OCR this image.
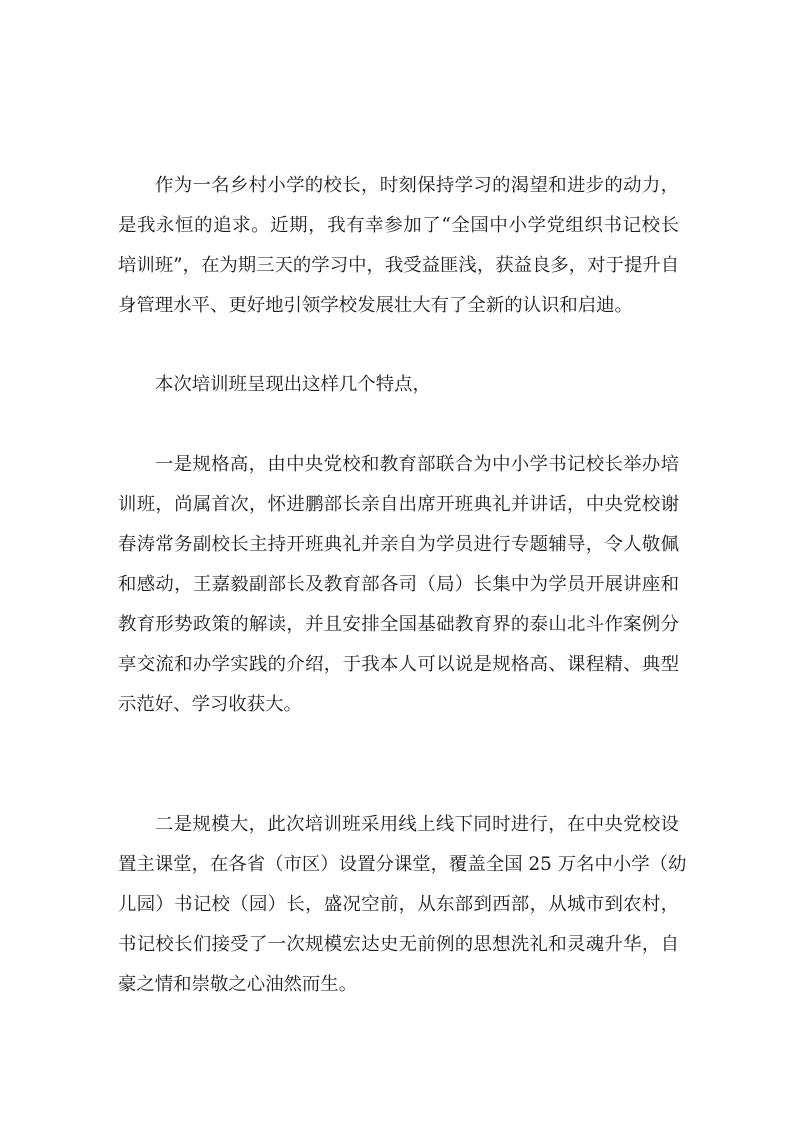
作为一名乡村小学的校长，时刻保持学习的渴望和进步的动力，
是我永恒的追求。近期，我有幸参加了“全国中小学党组织书记校长
培训班”，在为期三天的学习中，我受益匪浅，获益良多，对于提升自
身管理水平、更好地引领学校发展壮大有了全新的认识和启迪。
本次培训班呈现出这样几个特点，
一是规格高，由中央党校和教育部联合为中小学书记校长举办培
训班，尚属首次，怀进鹏部长亲自出席开班典礼并讲话，中央党校谢
春涛常务副校长主持开班典礼并亲自为学员进行专题辅导，令人敬佩
和感动，王嘉毅副部长及教育部各司（局）长集中为学员开展讲座和
教育形势政策的解读，并且安排全国基础教育界的泰山北斗作案例分
享交流和办学实践的介绍，于我本人可以说是规格高、课程精、典型
示范好、学习收获大。
二是规模大，此次培训班采用线上线下同时进行，在中央党校设
置主课堂，在各省（市区）设置分课堂，覆盖全国 25 万名中小学（幼
儿园）书记校（园）长，盛况空前，从东部到西部，从城市到农村，
书记校长们接受了一次规模宏达史无前例的思想洗礼和灵魂升华，自
豪之情和崇敬之心油然而生。
